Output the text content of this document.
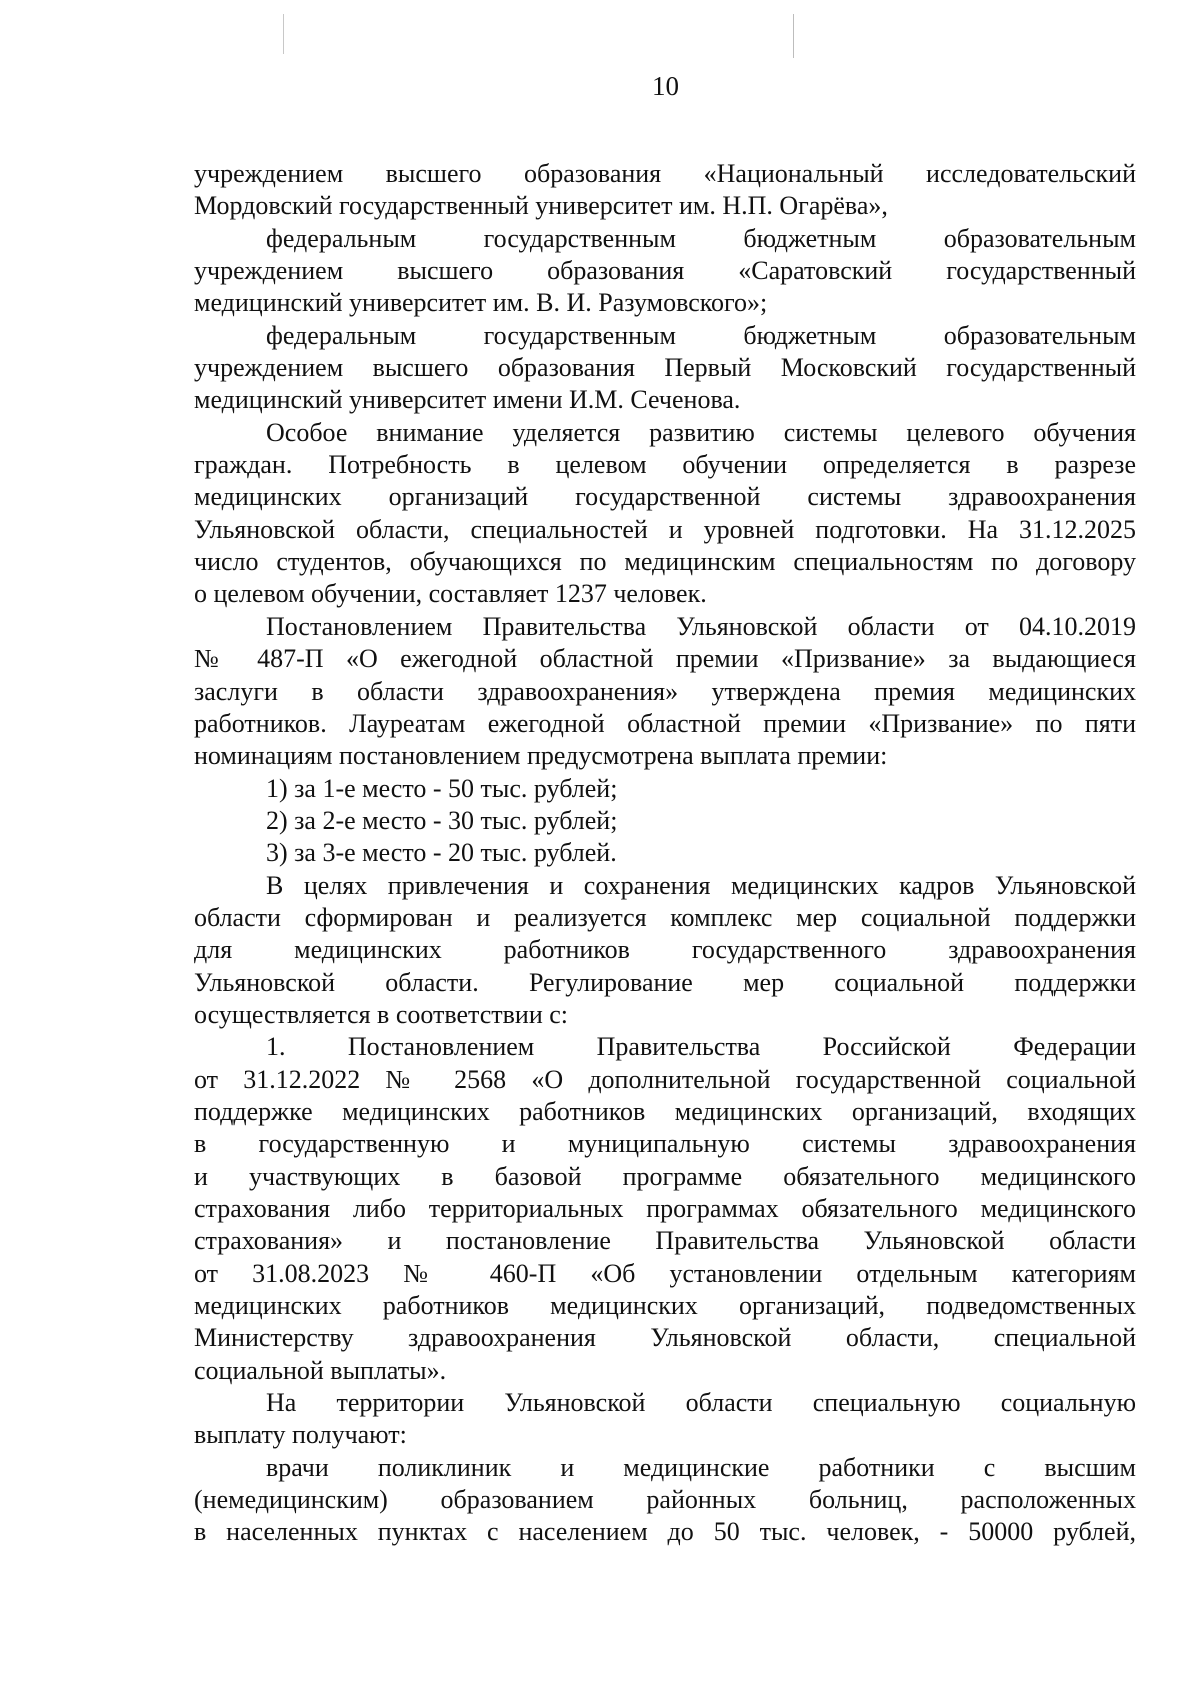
10
учреждением высшего образования «Национальный исследовательский
Мордовский государственный университет им. Н.П. Огарёва»,
федеральным государственным бюджетным образовательным
учреждением высшего образования «Саратовский государственный
медицинский университет им. В. И. Разумовского»;
федеральным государственным бюджетным образовательным
учреждением высшего образования Первый Московский государственный
медицинский университет имени И.М. Сеченова.
Особое внимание уделяется развитию системы целевого обучения
граждан. Потребность в целевом обучении определяется в разрезе
медицинских организаций государственной системы здравоохранения
Ульяновской области, специальностей и уровней подготовки. На 31.12.2025
число студентов, обучающихся по медицинским специальностям по договору
о целевом обучении, составляет 1237 человек.
Постановлением Правительства Ульяновской области от 04.10.2019
№ 487-П «О ежегодной областной премии «Призвание» за выдающиеся
заслуги в области здравоохранения» утверждена премия медицинских
работников. Лауреатам ежегодной областной премии «Призвание» по пяти
номинациям постановлением предусмотрена выплата премии:
1) за 1-е место - 50 тыс. рублей;
2) за 2-е место - 30 тыс. рублей;
3) за 3-е место - 20 тыс. рублей.
В целях привлечения и сохранения медицинских кадров Ульяновской
области сформирован и реализуется комплекс мер социальной поддержки
для медицинских работников государственного здравоохранения
Ульяновской области. Регулирование мер социальной поддержки
осуществляется в соответствии с:
1. Постановлением Правительства Российской Федерации
от 31.12.2022 № 2568 «О дополнительной государственной социальной
поддержке медицинских работников медицинских организаций, входящих
в государственную и муниципальную системы здравоохранения
и участвующих в базовой программе обязательного медицинского
страхования либо территориальных программах обязательного медицинского
страхования» и постановление Правительства Ульяновской области
от 31.08.2023 № 460-П «Об установлении отдельным категориям
медицинских работников медицинских организаций, подведомственных
Министерству здравоохранения Ульяновской области, специальной
социальной выплаты».
На территории Ульяновской области специальную социальную
выплату получают:
врачи поликлиник и медицинские работники с высшим
(немедицинским) образованием районных больниц, расположенных
в населенных пунктах с населением до 50 тыс. человек, - 50000 рублей,
